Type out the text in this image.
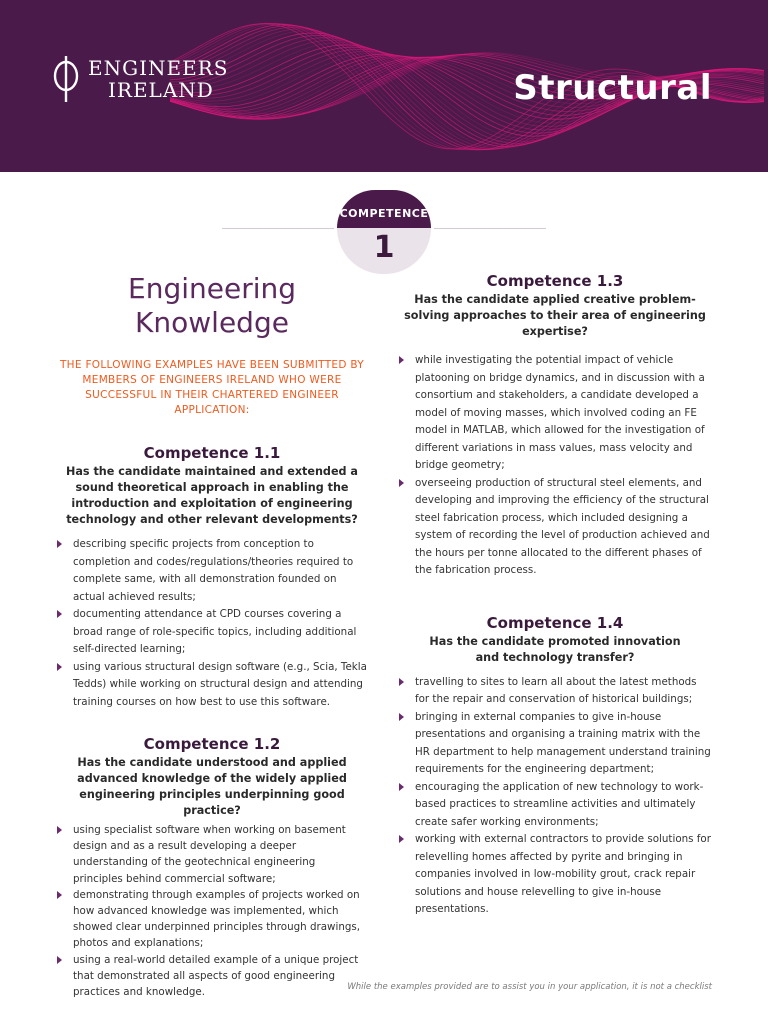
ENGINEERS
IRELAND	Structural
COMPETENCE
1
Engineering
Knowledge

THE FOLLOWING EXAMPLES HAVE BEEN SUBMITTED BY MEMBERS OF ENGINEERS IRELAND WHO WERE SUCCESSFUL IN THEIR CHARTERED ENGINEER APPLICATION:

Competence 1.1

Has the candidate maintained and extended a sound theoretical approach in enabling the introduction and exploitation of engineering technology and other relevant developments?

describing specific projects from conception to completion and codes/regulations/theories required to complete same, with all demonstration founded on actual achieved results;
documenting attendance at CPD courses covering a broad range of role-specific topics, including additional self-directed learning;
using various structural design software (e.g., Scia, Tekla Tedds) while working on structural design and attending training courses on how best to use this software.
Competence 1.2

Has the candidate understood and applied advanced knowledge of the widely applied engineering principles underpinning good practice?

using specialist software when working on basement design and as a result developing a deeper understanding of the geotechnical engineering principles behind commercial software;
demonstrating through examples of projects worked on how advanced knowledge was implemented, which showed clear underpinned principles through drawings, photos and explanations;
using a real-world detailed example of a unique project that demonstrated all aspects of good engineering practices and knowledge.
Competence 1.3

Has the candidate applied creative problem-solving approaches to their area of engineering expertise?

while investigating the potential impact of vehicle platooning on bridge dynamics, and in discussion with a consortium and stakeholders, a candidate developed a model of moving masses, which involved coding an FE model in MATLAB, which allowed for the investigation of different variations in mass values, mass velocity and bridge geometry;
overseeing production of structural steel elements, and developing and improving the efficiency of the structural steel fabrication process, which included designing a system of recording the level of production achieved and the hours per tonne allocated to the different phases of the fabrication process.
Competence 1.4

Has the candidate promoted innovation and technology transfer?

travelling to sites to learn all about the latest methods for the repair and conservation of historical buildings;
bringing in external companies to give in-house presentations and organising a training matrix with the HR department to help management understand training requirements for the engineering department;
encouraging the application of new technology to work-based practices to streamline activities and ultimately create safer working environments;
working with external contractors to provide solutions for relevelling homes affected by pyrite and bringing in companies involved in low-mobility grout, crack repair solutions and house relevelling to give in-house presentations.
While the examples provided are to assist you in your application, it is not a checklist
